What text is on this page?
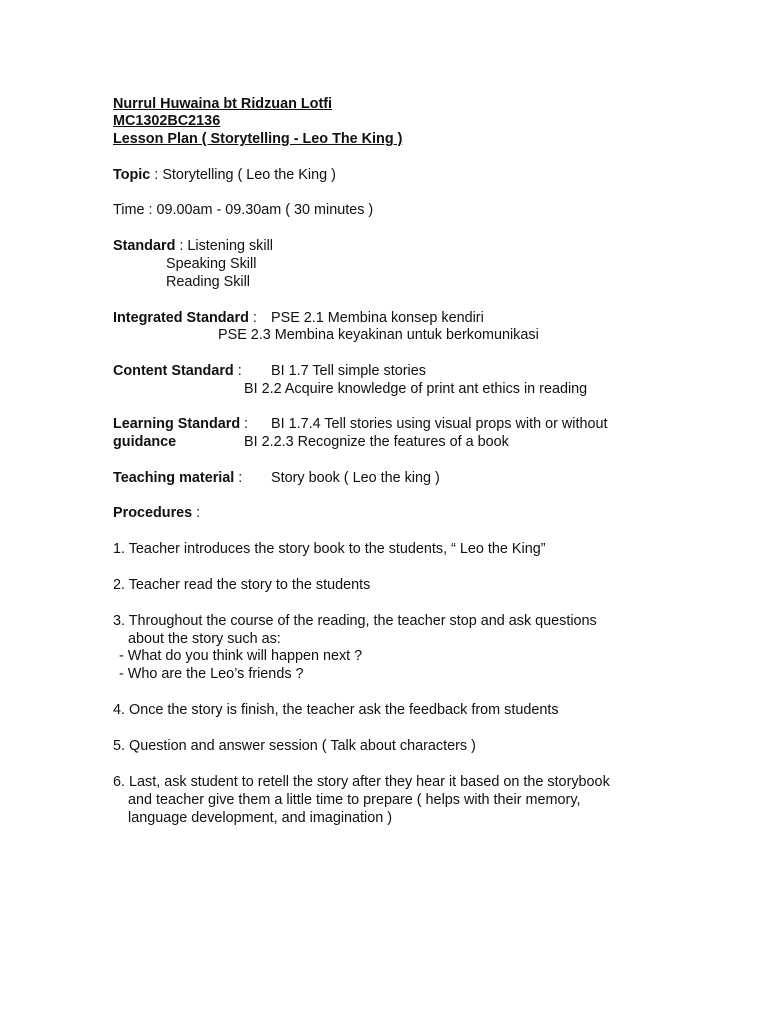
Nurrul Huwaina bt Ridzuan Lotfi
MC1302BC2136
Lesson Plan ( Storytelling - Leo The King )
Topic : Storytelling ( Leo the King )
Time : 09.00am - 09.30am ( 30 minutes )
Standard : Listening skill
Speaking Skill
Reading Skill
Integrated Standard : PSE 2.1 Membina konsep kendiri
PSE 2.3 Membina keyakinan untuk berkomunikasi
Content Standard : BI 1.7 Tell simple stories
BI 2.2 Acquire knowledge of print ant ethics in reading
Learning Standard : BI 1.7.4 Tell stories using visual props with or without
guidance	BI 2.2.3 Recognize the features of a book
Teaching material : Story book ( Leo the king )
Procedures :
1. Teacher introduces the story book to the students, “ Leo the King”
2. Teacher read the story to the students
3. Throughout the course of the reading, the teacher stop and ask questions
about the story such as:
- What do you think will happen next ?
- Who are the Leo’s friends ?
4. Once the story is finish, the teacher ask the feedback from students
5. Question and answer session ( Talk about characters )
6. Last, ask student to retell the story after they hear it based on the storybook
and teacher give them a little time to prepare ( helps with their memory,
language development, and imagination )
